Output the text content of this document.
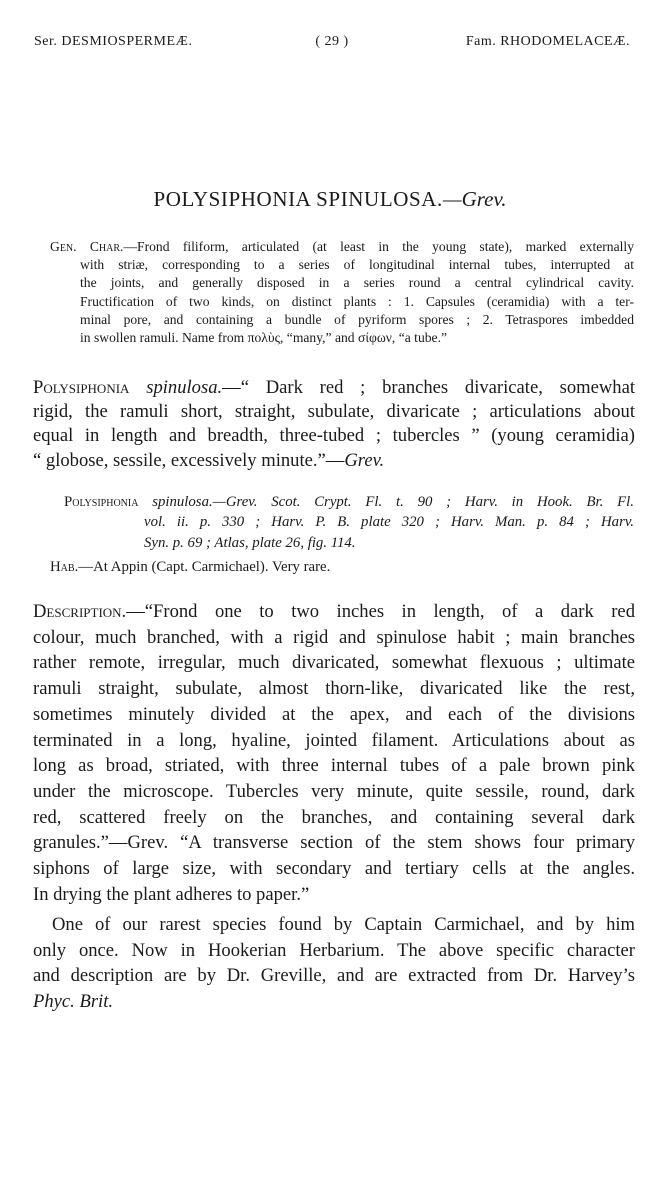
Ser. DESMIOSPERMEÆ.	( 29 )	Fam. RHODOMELACEÆ.
POLYSIPHONIA SPINULOSA.—Grev.
Gen. Char.—Frond filiform, articulated (at least in the young state), marked externally
with striæ, corresponding to a series of longitudinal internal tubes, interrupted at
the joints, and generally disposed in a series round a central cylindrical cavity.
Fructification of two kinds, on distinct plants : 1. Capsules (ceramidia) with a ter-
minal pore, and containing a bundle of pyriform spores ; 2. Tetraspores imbedded
in swollen ramuli. Name from πολὺς, “many,” and σίφων, “a tube.”
Polysiphonia spinulosa.—“ Dark red ; branches divaricate, somewhat
rigid, the ramuli short, straight, subulate, divaricate ; articulations about
equal in length and breadth, three-tubed ; tubercles ” (young ceramidia)
“ globose, sessile, excessively minute.”—Grev.
Polysiphonia spinulosa.—Grev. Scot. Crypt. Fl. t. 90 ; Harv. in Hook. Br. Fl.
vol. ii. p. 330 ; Harv. P. B. plate 320 ; Harv. Man. p. 84 ; Harv.
Syn. p. 69 ; Atlas, plate 26, fig. 114.
Hab.—At Appin (Capt. Carmichael). Very rare.
Description.—“Frond one to two inches in length, of a dark red
colour, much branched, with a rigid and spinulose habit ; main branches
rather remote, irregular, much divaricated, somewhat flexuous ; ultimate
ramuli straight, subulate, almost thorn-like, divaricated like the rest,
sometimes minutely divided at the apex, and each of the divisions
terminated in a long, hyaline, jointed filament. Articulations about as
long as broad, striated, with three internal tubes of a pale brown pink
under the microscope. Tubercles very minute, quite sessile, round, dark
red, scattered freely on the branches, and containing several dark
granules.”—Grev. “A transverse section of the stem shows four primary
siphons of large size, with secondary and tertiary cells at the angles.
In drying the plant adheres to paper.”
One of our rarest species found by Captain Carmichael, and by him
only once. Now in Hookerian Herbarium. The above specific character
and description are by Dr. Greville, and are extracted from Dr. Harvey’s
Phyc. Brit.
